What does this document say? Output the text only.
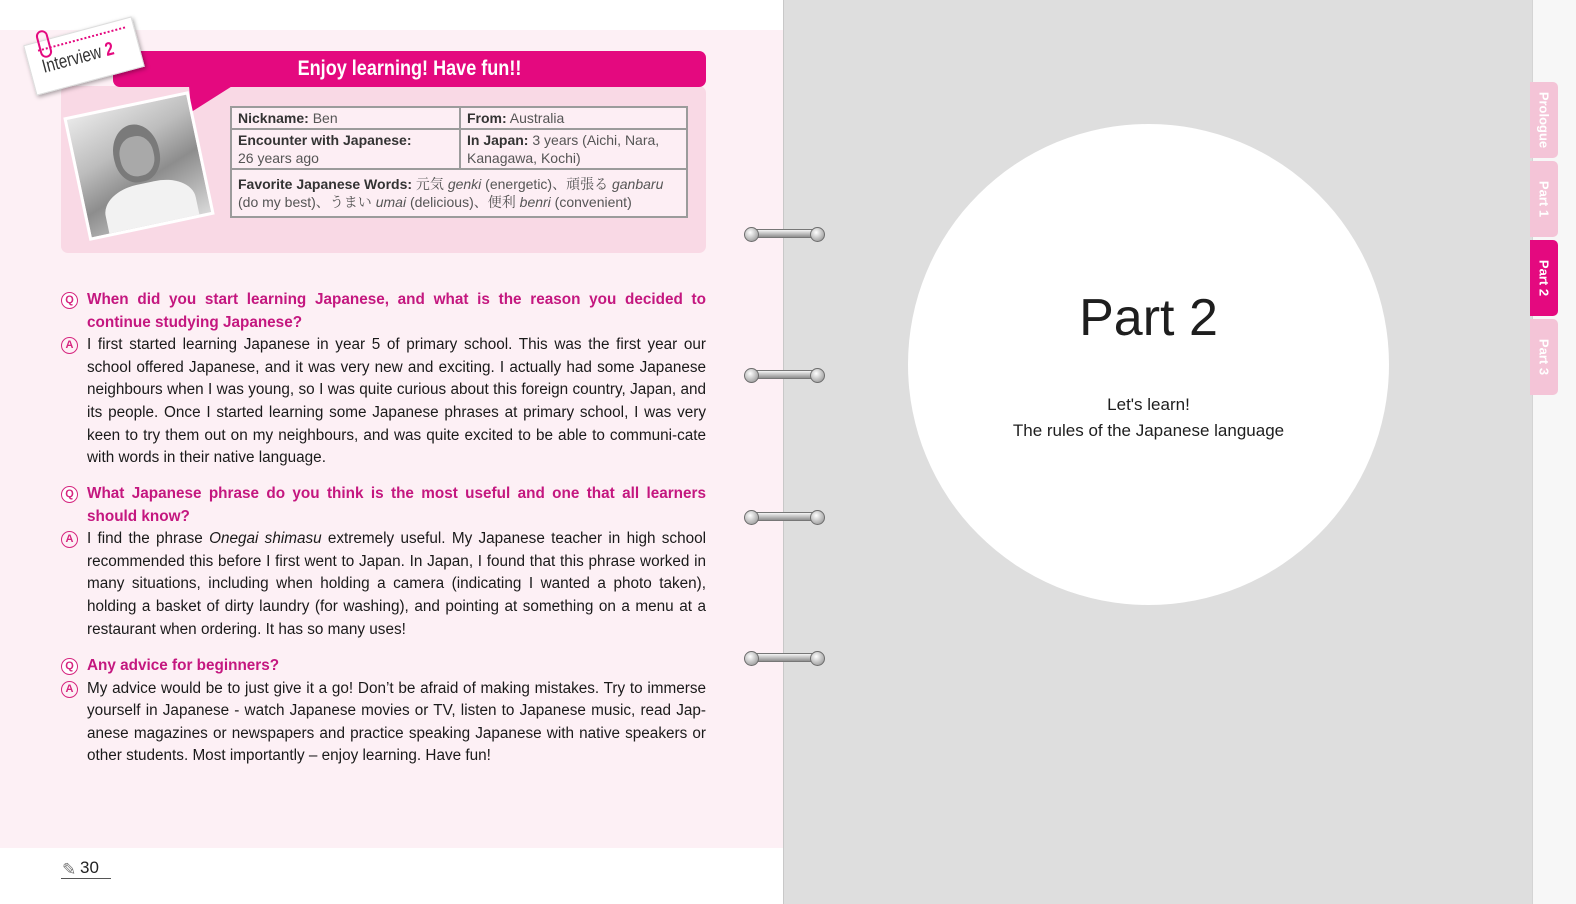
Enjoy learning! Have fun!!
Interview 2
Nickname: Ben	From: Australia
Encounter with Japanese:
26 years ago	In Japan: 3 years (Aichi, Nara, Kanagawa, Kochi)
Favorite Japanese Words: 元気 genki (energetic)、頑張る ganbaru
(do my best)、うまい umai (delicious)、便利 benri (convenient)	
Q When did you start learning Japanese, and what is the reason you decided to continue studying Japanese?
A I first started learning Japanese in year 5 of primary school. This was the first year our school offered Japanese, and it was very new and exciting. I actually had some Japanese neighbours when I was young, so I was quite curious about this foreign country, Japan, and its people. Once I started learning some Japanese phrases at primary school, I was very keen to try them out on my neighbours, and was quite excited to be able to communi-cate with words in their native language.
Q What Japanese phrase do you think is the most useful and one that all learners should know?
A I find the phrase Onegai shimasu extremely useful. My Japanese teacher in high school recommended this before I first went to Japan. In Japan, I found that this phrase worked in many situations, including when holding a camera (indicating I wanted a photo taken), holding a basket of dirty laundry (for washing), and pointing at something on a menu at a restaurant when ordering. It has so many uses!
Q Any advice for beginners?
A My advice would be to just give it a go! Don’t be afraid of making mistakes. Try to immerse yourself in Japanese - watch Japanese movies or TV, listen to Japanese music, read Jap-anese magazines or newspapers and practice speaking Japanese with native speakers or other students. Most importantly – enjoy learning. Have fun!
✎ 30
Part 2
Let's learn!
The rules of the Japanese language
Prologue
Part 1
Part 2
Part 3
